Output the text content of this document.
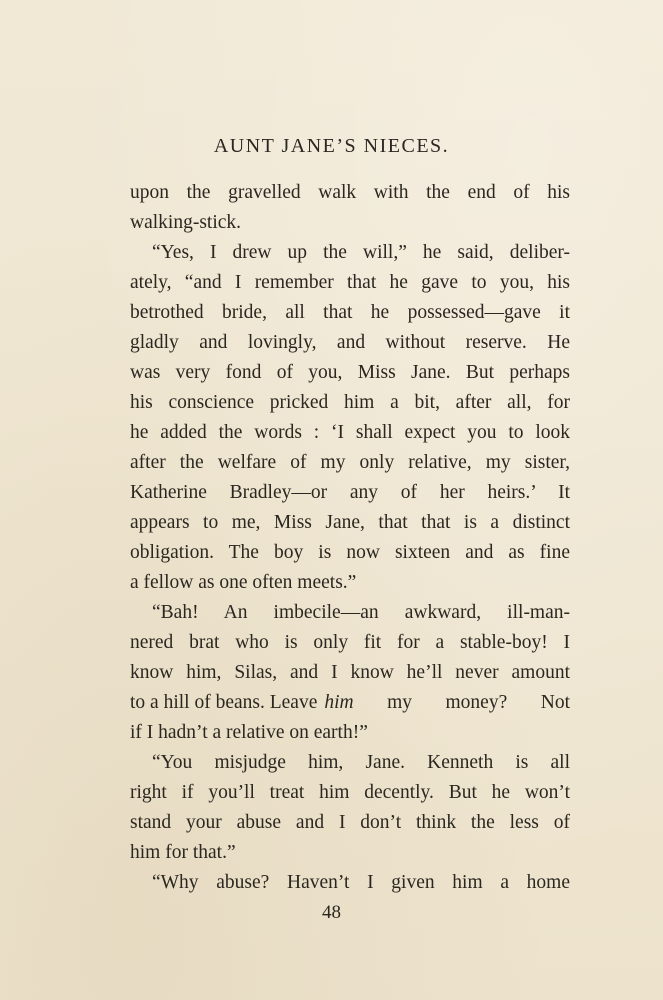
AUNT JANE’S NIECES.
upon the gravelled walk with the end of his
walking-stick.
“Yes, I drew up the will,” he said, deliber-
ately, “and I remember that he gave to you, his
betrothed bride, all that he possessed—gave it
gladly and lovingly, and without reserve. He
was very fond of you, Miss Jane. But perhaps
his conscience pricked him a bit, after all, for
he added the words : ‘I shall expect you to look
after the welfare of my only relative, my sister,
Katherine Bradley—or any of her heirs.’ It
appears to me, Miss Jane, that that is a distinct
obligation. The boy is now sixteen and as fine
a fellow as one often meets.”
“Bah! An imbecile—an awkward, ill-man-
nered brat who is only fit for a stable-boy! I
know him, Silas, and I know he’ll never amount
to a hill of beans. Leave him my money? Not
if I hadn’t a relative on earth!”
“You misjudge him, Jane. Kenneth is all
right if you’ll treat him decently. But he won’t
stand your abuse and I don’t think the less of
him for that.”
“Why abuse? Haven’t I given him a home
48
